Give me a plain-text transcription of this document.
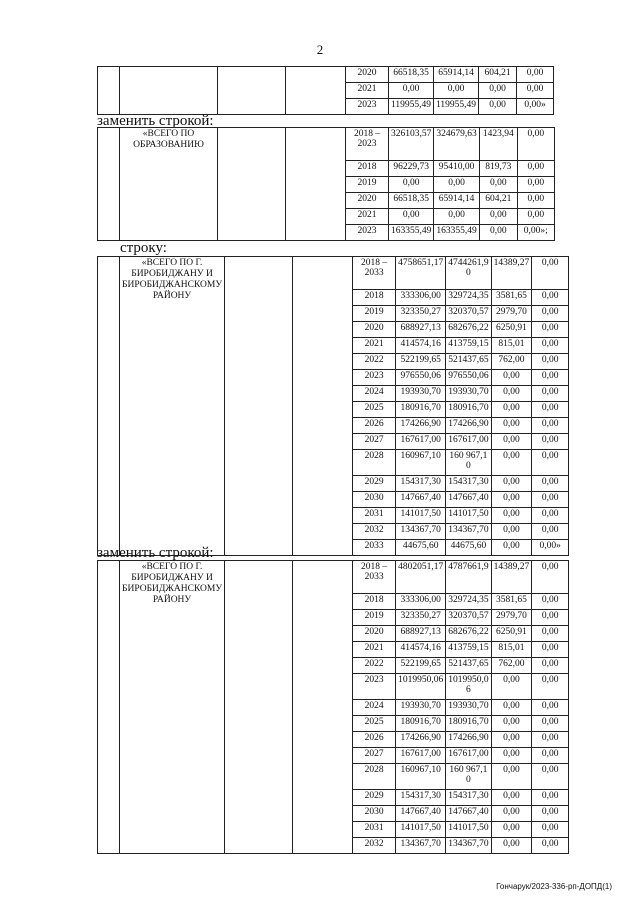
2
				2020	66518,35	65914,14	604,21	0,00
				2021	0,00	0,00	0,00	0,00
				2023	119955,49	119955,49	0,00	0,00»
заменить строкой:
	«ВСЕГО ПО ОБРАЗОВАНИЮ			2018 – 2023	326103,57	324679,63	1423,94	0,00
				2018	96229,73	95410,00	819,73	0,00
				2019	0,00	0,00	0,00	0,00
				2020	66518,35	65914,14	604,21	0,00
				2021	0,00	0,00	0,00	0,00
				2023	163355,49	163355,49	0,00	0,00»;
строку:
	«ВСЕГО ПО Г. БИРОБИДЖАНУ И БИРОБИДЖАНСКОМУ РАЙОНУ			2018 – 2033	4758651,17	4744261,90	14389,27	0,00
				2018	333306,00	329724,35	3581,65	0,00
				2019	323350,27	320370,57	2979,70	0,00
				2020	688927,13	682676,22	6250,91	0,00
				2021	414574,16	413759,15	815,01	0,00
				2022	522199,65	521437,65	762,00	0,00
				2023	976550,06	976550,06	0,00	0,00
				2024	193930,70	193930,70	0,00	0,00
				2025	180916,70	180916,70	0,00	0,00
				2026	174266,90	174266,90	0,00	0,00
				2027	167617,00	167617,00	0,00	0,00
				2028	160967,10	160 967,10	0,00	0,00
				2029	154317,30	154317,30	0,00	0,00
				2030	147667,40	147667,40	0,00	0,00
				2031	141017,50	141017,50	0,00	0,00
				2032	134367,70	134367,70	0,00	0,00
				2033	44675,60	44675,60	0,00	0,00»
заменить строкой:
	«ВСЕГО ПО Г. БИРОБИДЖАНУ И БИРОБИДЖАНСКОМУ РАЙОНУ			2018 – 2033	4802051,17	4787661,9	14389,27	0,00
				2018	333306,00	329724,35	3581,65	0,00
				2019	323350,27	320370,57	2979,70	0,00
				2020	688927,13	682676,22	6250,91	0,00
				2021	414574,16	413759,15	815,01	0,00
				2022	522199,65	521437,65	762,00	0,00
				2023	1019950,06	1019950,06	0,00	0,00
				2024	193930,70	193930,70	0,00	0,00
				2025	180916,70	180916,70	0,00	0,00
				2026	174266,90	174266,90	0,00	0,00
				2027	167617,00	167617,00	0,00	0,00
				2028	160967,10	160 967,10	0,00	0,00
				2029	154317,30	154317,30	0,00	0,00
				2030	147667,40	147667,40	0,00	0,00
				2031	141017,50	141017,50	0,00	0,00
				2032	134367,70	134367,70	0,00	0,00
Гончарук/2023-336-рп-ДОПД(1)
